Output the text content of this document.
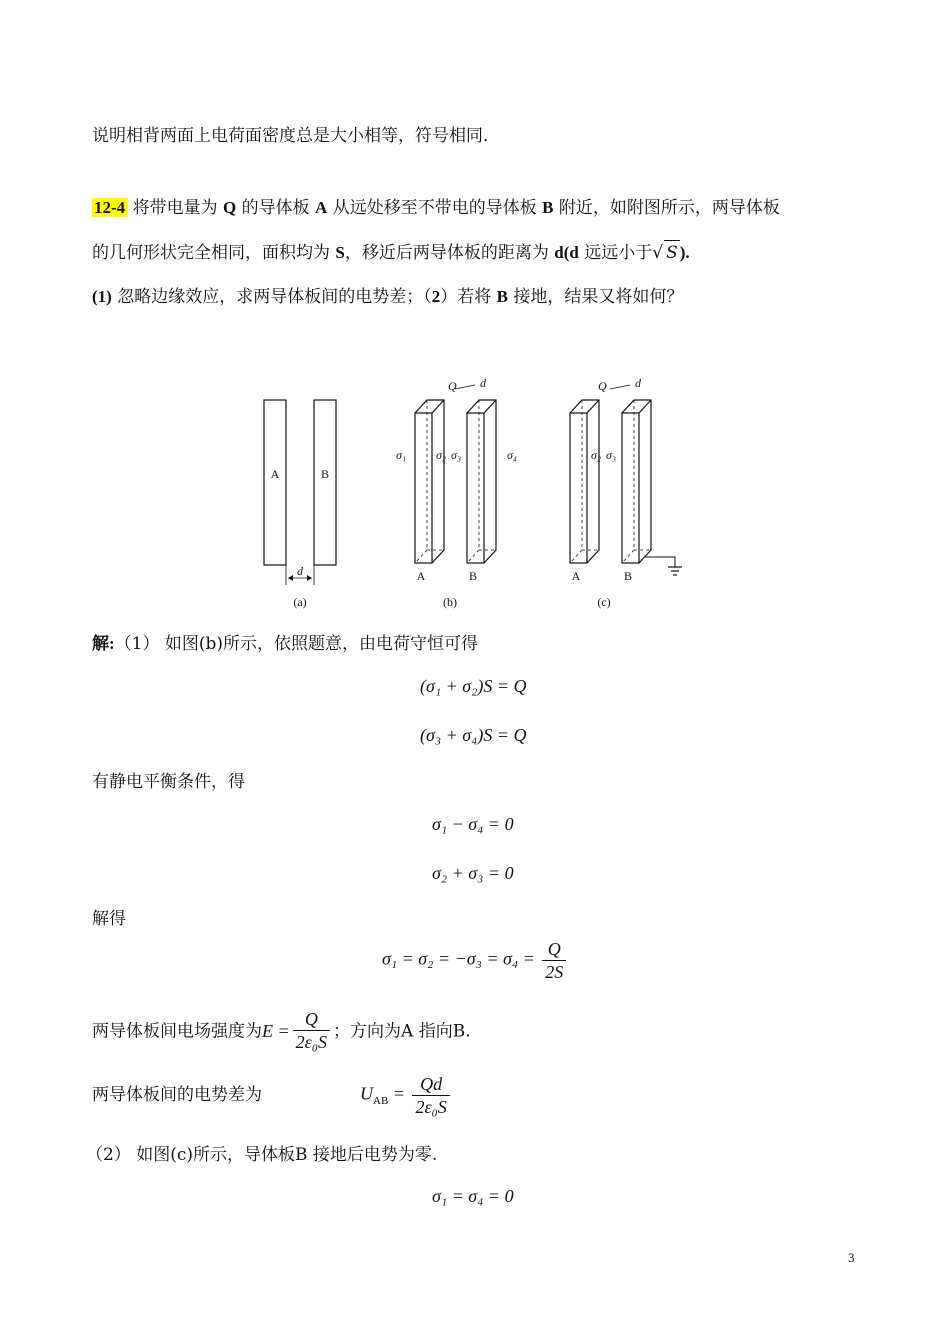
说明相背两面上电荷面密度总是大小相等，符号相同．
12-4 将带电量为 Q 的导体板 A 从远处移至不带电的导体板 B 附近，如附图所示，两导体板
的几何形状完全相同，面积均为 S，移近后两导体板的距离为 d(d 远远小于√ S ).
(1) 忽略边缘效应，求两导体板间的电势差；（2）若将 B 接地，结果又将如何？
A	B
d
(a)
Q d
σ₁ σ₂ σ₃	σ₄
A	B
(b)
Q d
σ₂ σ₃
A	B
(c)
解:（1） 如图(b)所示，依照题意，由电荷守恒可得
(σ₁ + σ₂)S = Q
(σ₃ + σ₄)S = Q
有静电平衡条件，得
σ₁ − σ₄ = 0
σ₂ + σ₃ = 0
解得
$\sigma_1 = \sigma_2 = -\sigma_3 = \sigma_4 = \frac{Q}{2S}$
两导体板间电场强度为$E = \frac{Q}{\text{2ε₀S}}$ ；方向为A 指向B.
两导体板间的电势差为	$U_{AB} = \frac{Qd}{\text{2ε₀S}}$
（2） 如图(c)所示，导体板B 接地后电势为零.
σ₁ = σ₄ = 0
3
